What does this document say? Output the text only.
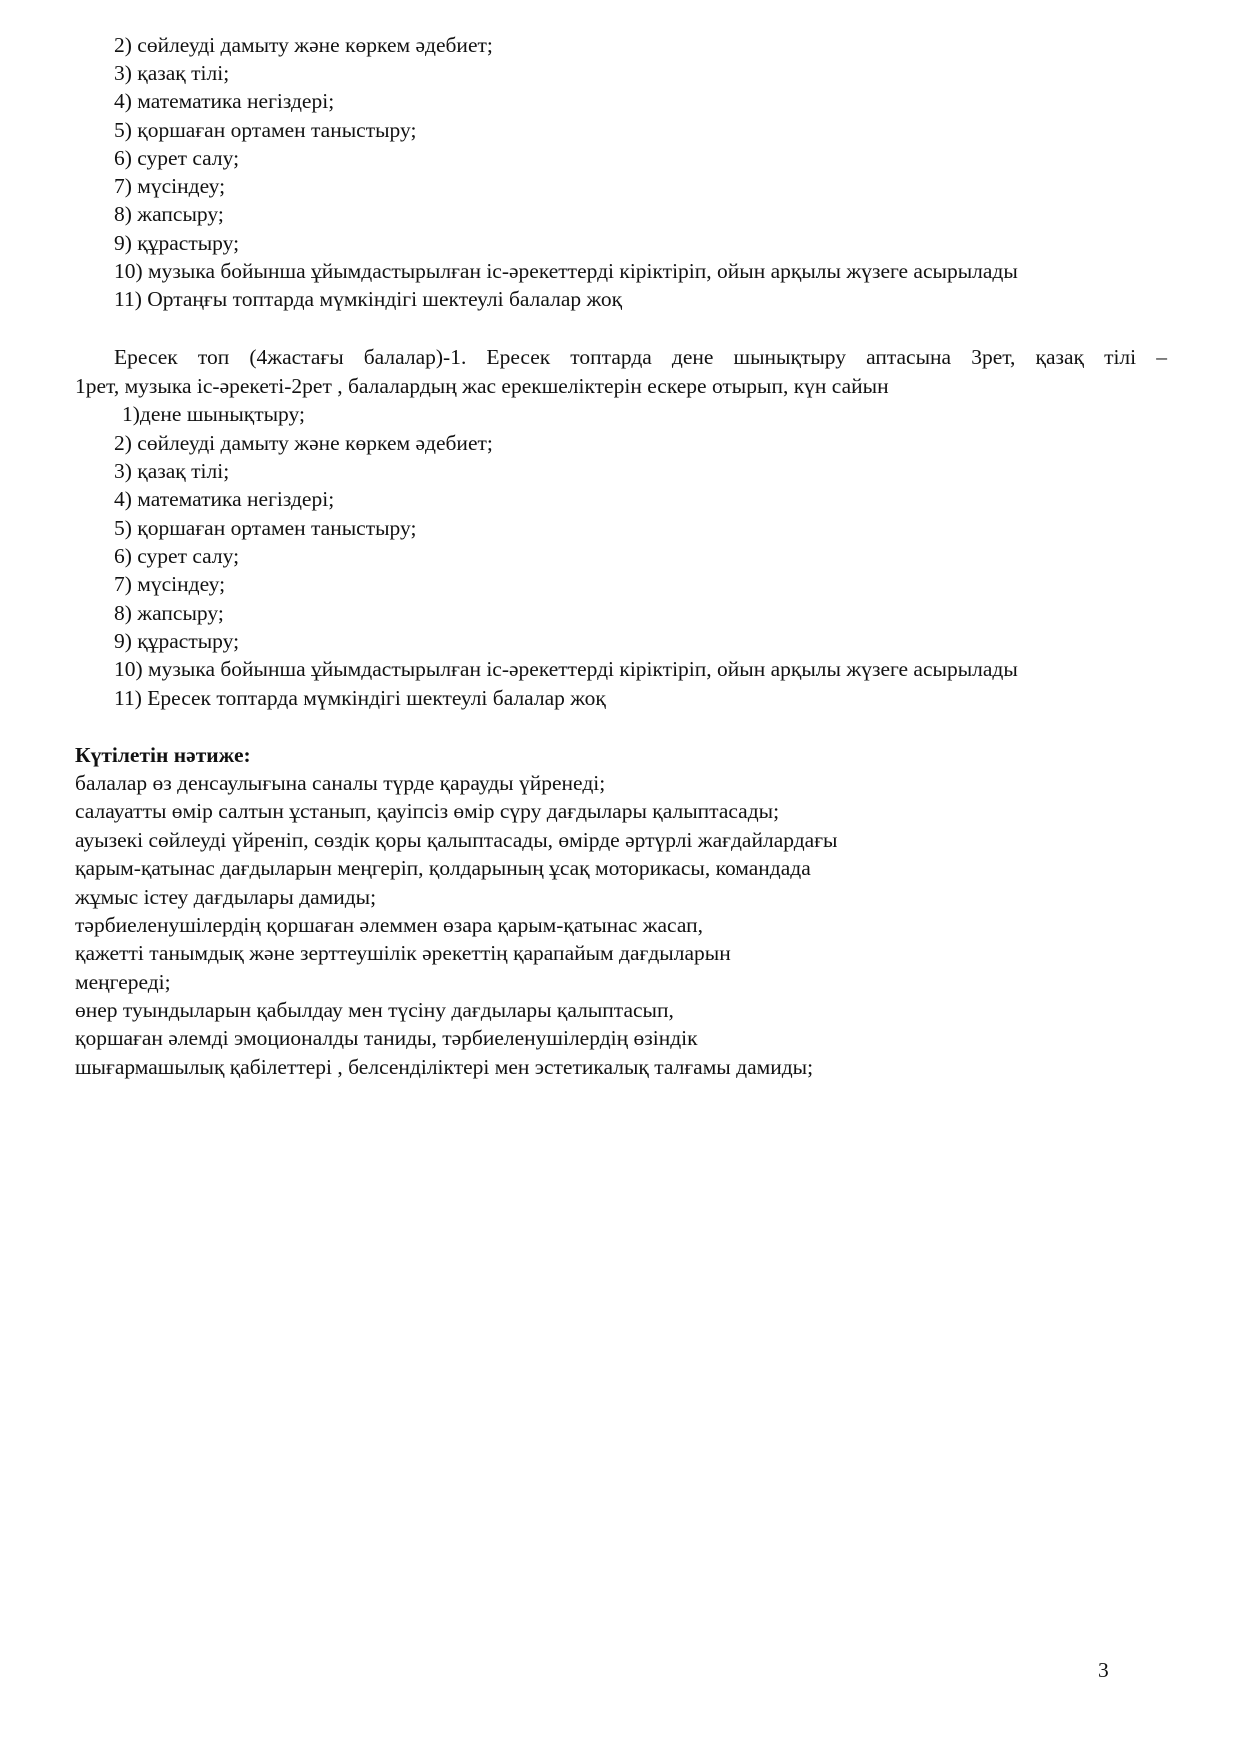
2) сөйлеуді дамыту және көркем әдебиет;
3) қазақ тілі;
4) математика негіздері;
5) қоршаған ортамен таныстыру;
6) сурет салу;
7) мүсіндеу;
8) жапсыру;
9) құрастыру;
10) музыка бойынша ұйымдастырылған іс-әрекеттерді кіріктіріп, ойын арқылы жүзеге асырылады
11) Ортаңғы топтарда мүмкіндігі шектеулі балалар жоқ
Ересек топ (4жастағы балалар)-1. Ересек топтарда дене шынықтыру аптасына 3рет, қазақ тілі –
1рет, музыка іс-әрекеті-2рет , балалардың жас ерекшеліктерін ескере отырып, күн сайын
1)дене шынықтыру;
2) сөйлеуді дамыту және көркем әдебиет;
3) қазақ тілі;
4) математика негіздері;
5) қоршаған ортамен таныстыру;
6) сурет салу;
7) мүсіндеу;
8) жапсыру;
9) құрастыру;
10) музыка бойынша ұйымдастырылған іс-әрекеттерді кіріктіріп, ойын арқылы жүзеге асырылады
11) Ересек топтарда мүмкіндігі шектеулі балалар жоқ
Күтілетін нәтиже:
балалар өз денсаулығына саналы түрде қарауды үйренеді;
салауатты өмір салтын ұстанып, қауіпсіз өмір сүру дағдылары қалыптасады;
ауызекі сөйлеуді үйреніп, сөздік қоры қалыптасады, өмірде әртүрлі жағдайлардағы
қарым-қатынас дағдыларын меңгеріп, қолдарының ұсақ моторикасы, командада
жұмыс істеу дағдылары дамиды;
тәрбиеленушілердің қоршаған әлеммен өзара қарым-қатынас жасап,
қажетті танымдық және зерттеушілік әрекеттің қарапайым дағдыларын
меңгереді;
өнер туындыларын қабылдау мен түсіну дағдылары қалыптасып,
қоршаған әлемді эмоционалды таниды, тәрбиеленушілердің өзіндік
шығармашылық қабілеттері , белсенділіктері мен эстетикалық талғамы дамиды;
3
